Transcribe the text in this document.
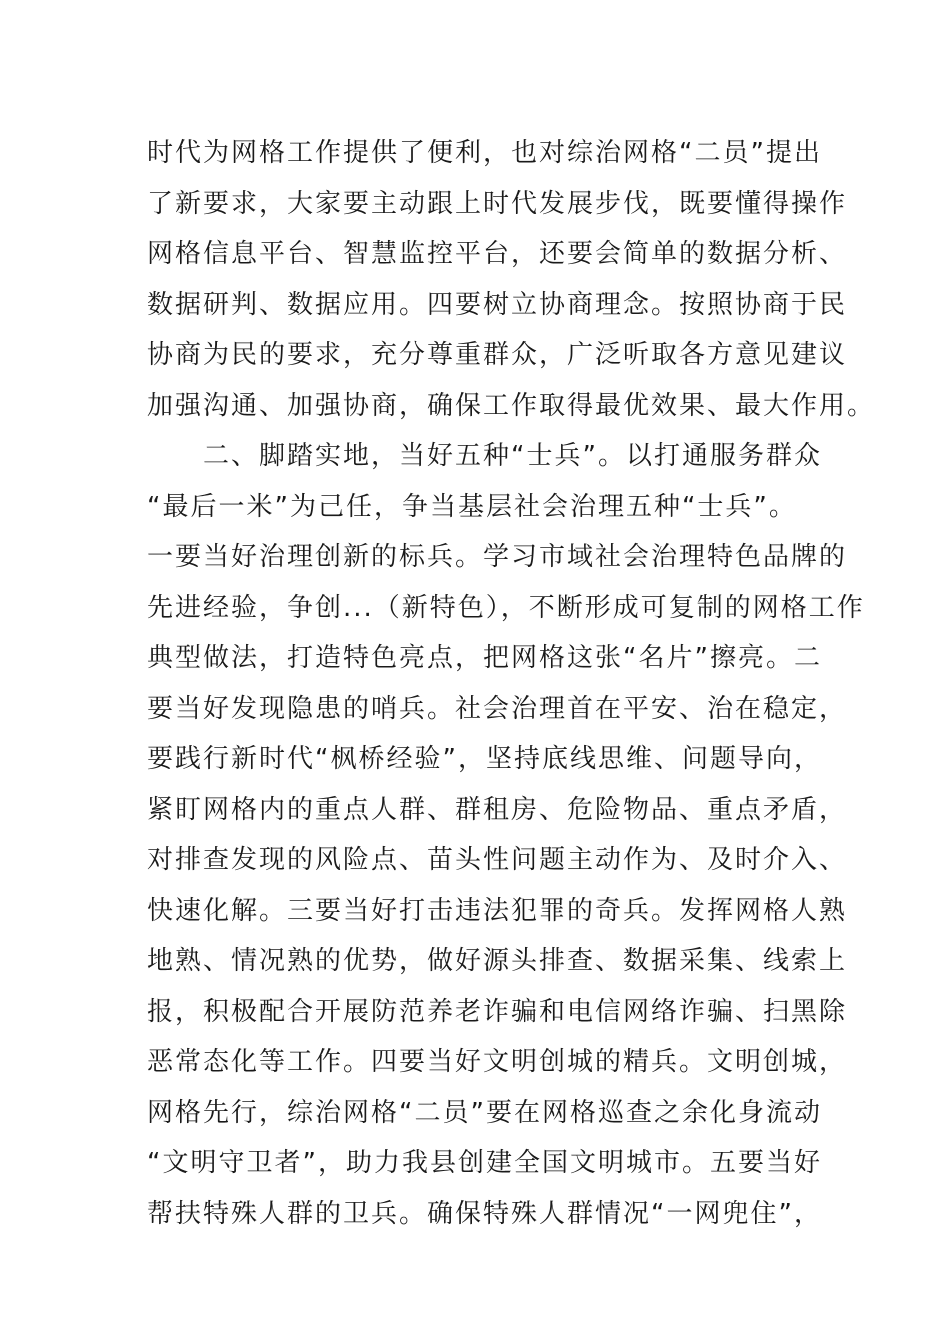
时代为网格工作提供了便利，也对综治网格“二员”提出
了新要求，大家要主动跟上时代发展步伐，既要懂得操作
网格信息平台、智慧监控平台，还要会简单的数据分析、
数据研判、数据应用。四要树立协商理念。按照协商于民
协商为民的要求，充分尊重群众，广泛听取各方意见建议
加强沟通、加强协商，确保工作取得最优效果、最大作用。
　　二、脚踏实地，当好五种“士兵”。以打通服务群众
“最后一米”为己任，争当基层社会治理五种“士兵”。
一要当好治理创新的标兵。学习市域社会治理特色品牌的
先进经验，争创...（新特色），不断形成可复制的网格工作
典型做法，打造特色亮点，把网格这张“名片”擦亮。二
要当好发现隐患的哨兵。社会治理首在平安、治在稳定，
要践行新时代“枫桥经验”，坚持底线思维、问题导向，
紧盯网格内的重点人群、群租房、危险物品、重点矛盾，
对排查发现的风险点、苗头性问题主动作为、及时介入、
快速化解。三要当好打击违法犯罪的奇兵。发挥网格人熟
地熟、情况熟的优势，做好源头排查、数据采集、线索上
报，积极配合开展防范养老诈骗和电信网络诈骗、扫黑除
恶常态化等工作。四要当好文明创城的精兵。文明创城，
网格先行，综治网格“二员”要在网格巡查之余化身流动
“文明守卫者”，助力我县创建全国文明城市。五要当好
帮扶特殊人群的卫兵。确保特殊人群情况“一网兜住”，
